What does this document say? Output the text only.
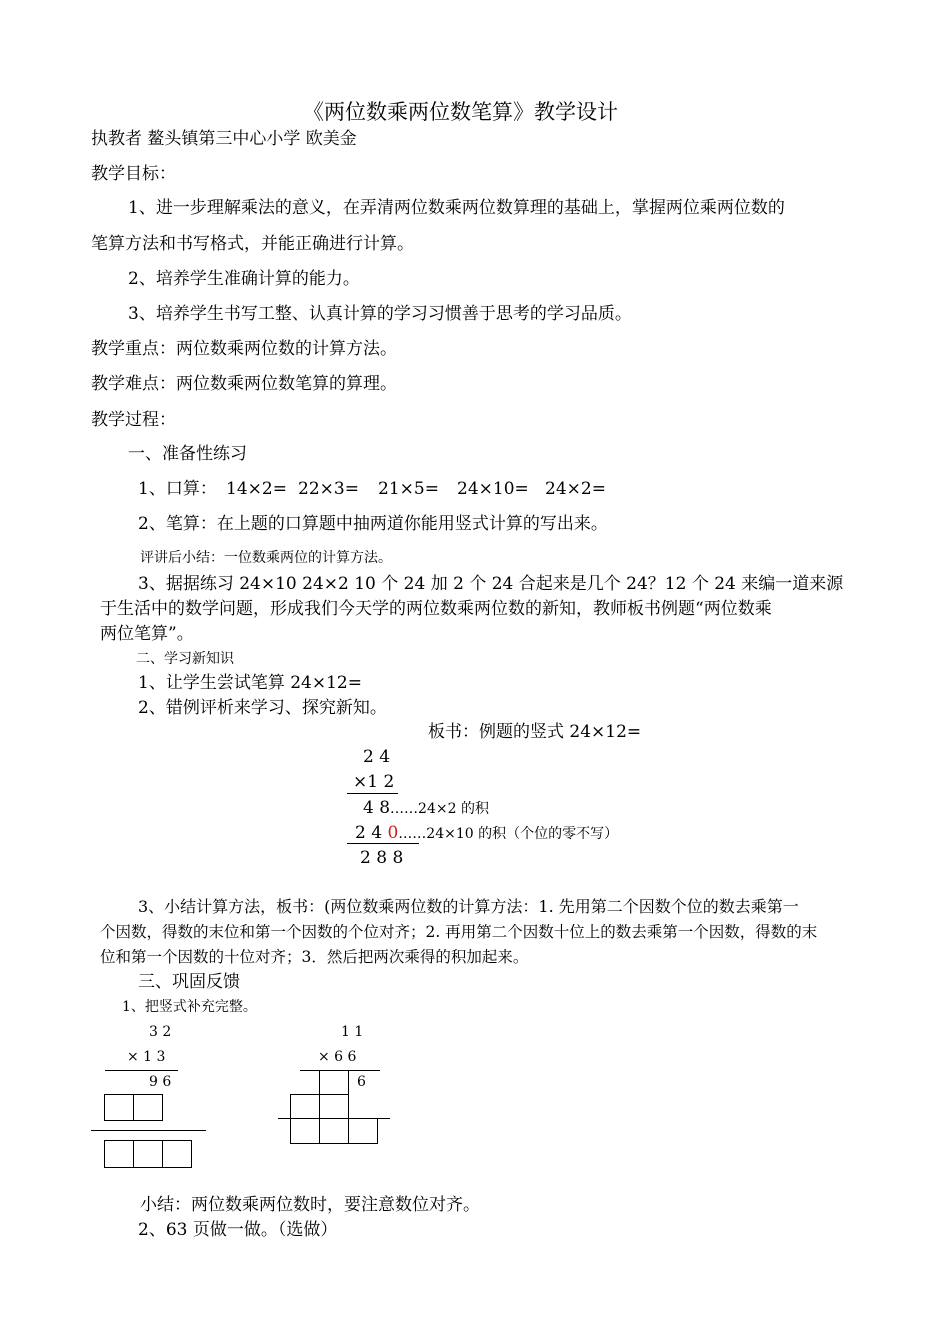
《两位数乘两位数笔算》教学设计
执教者 鳌头镇第三中心小学 欧美金
教学目标：
1、进一步理解乘法的意义，在弄清两位数乘两位数算理的基础上，掌握两位乘两位数的
笔算方法和书写格式，并能正确进行计算。
2、培养学生准确计算的能力。
3、培养学生书写工整、认真计算的学习习惯善于思考的学习品质。
教学重点：两位数乘两位数的计算方法。
教学难点：两位数乘两位数笔算的算理。
教学过程：
一、准备性练习
1、口算： 14×2= 22×3= 21×5= 24×10= 24×2=
2、笔算：在上题的口算题中抽两道你能用竖式计算的写出来。
评讲后小结：一位数乘两位的计算方法。
3、据据练习 24×10 24×2 10 个 24 加 2 个 24 合起来是几个 24？12 个 24 来编一道来源
于生活中的数学问题，形成我们今天学的两位数乘两位数的新知，教师板书例题“两位数乘
两位笔算”。
二、学习新知识
1、让学生尝试笔算 24×12=
2、错例评析来学习、探究新知。
板书：例题的竖式 24×12=
2 4
×1 2
4 8……24×2 的积
2 4 0……24×10 的积（个位的零不写）
2 8 8
3、小结计算方法，板书：(两位数乘两位数的计算方法：1. 先用第二个因数个位的数去乘第一
个因数，得数的末位和第一个因数的个位对齐；2. 再用第二个因数十位上的数去乘第一个因数，得数的末
位和第一个因数的十位对齐；3．然后把两次乘得的积加起来。
三、巩固反馈
1、把竖式补充完整。
3 2
× 1 3
9 6
1 1
× 6 6
6
小结：两位数乘两位数时，要注意数位对齐。
2、63 页做一做。（选做）
